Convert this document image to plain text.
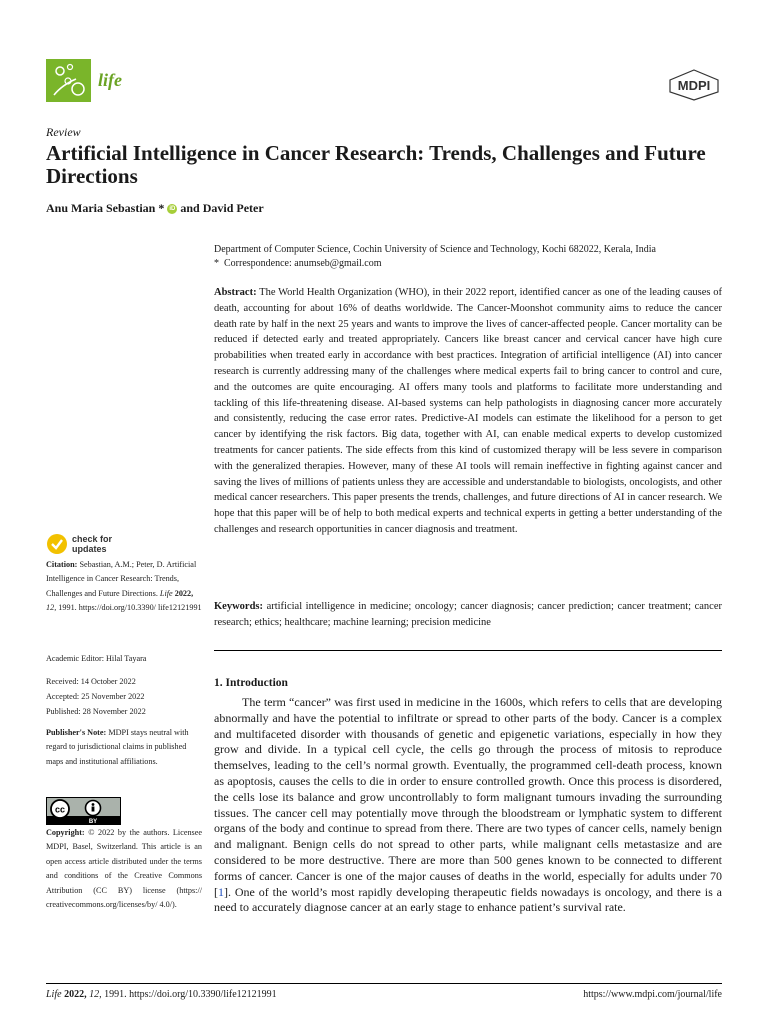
life	MDPI
Review
Artificial Intelligence in Cancer Research: Trends, Challenges and Future Directions
Anu Maria Sebastian * iD and David Peter
Department of Computer Science, Cochin University of Science and Technology, Kochi 682022, Kerala, India
* Correspondence: anumseb@gmail.com
Abstract: The World Health Organization (WHO), in their 2022 report, identified cancer as one of the leading causes of death, accounting for about 16% of deaths worldwide. The Cancer-Moonshot community aims to reduce the cancer death rate by half in the next 25 years and wants to improve the lives of cancer-affected people. Cancer mortality can be reduced if detected early and treated appropriately. Cancers like breast cancer and cervical cancer have high cure probabilities when treated early in accordance with best practices. Integration of artificial intelligence (AI) into cancer research is currently addressing many of the challenges where medical experts fail to bring cancer to control and cure, and the outcomes are quite encouraging. AI offers many tools and platforms to facilitate more understanding and tackling of this life-threatening disease. AI-based systems can help pathologists in diagnosing cancer more accurately and consistently, reducing the case error rates. Predictive-AI models can estimate the likelihood for a person to get cancer by identifying the risk factors. Big data, together with AI, can enable medical experts to develop customized treatments for cancer patients. The side effects from this kind of customized therapy will be less severe in comparison with the generalized therapies. However, many of these AI tools will remain ineffective in fighting against cancer and saving the lives of millions of patients unless they are accessible and understandable to biologists, oncologists, and other medical cancer researchers. This paper presents the trends, challenges, and future directions of AI in cancer research. We hope that this paper will be of help to both medical experts and technical experts in getting a better understanding of the challenges and research opportunities in cancer diagnosis and treatment.
Keywords: artificial intelligence in medicine; oncology; cancer diagnosis; cancer prediction; cancer treatment; cancer research; ethics; healthcare; machine learning; precision medicine
check for
updates
Citation: Sebastian, A.M.; Peter, D. Artificial Intelligence in Cancer Research: Trends, Challenges and Future Directions. Life 2022, 12, 1991. https://doi.org/10.3390/ life12121991
Academic Editor: Hilal Tayara
Received: 14 October 2022
Accepted: 25 November 2022
Published: 28 November 2022
Publisher's Note: MDPI stays neutral with regard to jurisdictional claims in published maps and institutional affiliations.
cc
BY
Copyright: © 2022 by the authors. Licensee MDPI, Basel, Switzerland. This article is an open access article distributed under the terms and conditions of the Creative Commons Attribution (CC BY) license (https:// creativecommons.org/licenses/by/ 4.0/).
1. Introduction
The term “cancer” was first used in medicine in the 1600s, which refers to cells that are developing abnormally and have the potential to infiltrate or spread to other parts of the body. Cancer is a complex and multifaceted disorder with thousands of genetic and epigenetic variations, especially in how they grow and divide. In a typical cell cycle, the cells go through the process of mitosis to reproduce themselves, leading to the cell’s normal growth. Eventually, the programmed cell-death process, known as apoptosis, causes the cells to die in order to ensure controlled growth. Once this process is disordered, the cells lose its balance and grow uncontrollably to form malignant tumours invading the surrounding tissues. The cancer cell may potentially move through the bloodstream or lymphatic system to different organs of the body and continue to spread from there. There are two types of cancer cells, namely benign and malignant. Benign cells do not spread to other parts, while malignant cells metastasize and are considered to be more destructive. There are more than 500 genes known to be connected to different forms of cancer. Cancer is one of the major causes of deaths in the world, especially for adults under 70 [1]. One of the world’s most rapidly developing therapeutic fields nowadays is oncology, and there is a need to accurately diagnose cancer at an early stage to enhance patient’s survival rate.
Life 2022, 12, 1991. https://doi.org/10.3390/life12121991	https://www.mdpi.com/journal/life
